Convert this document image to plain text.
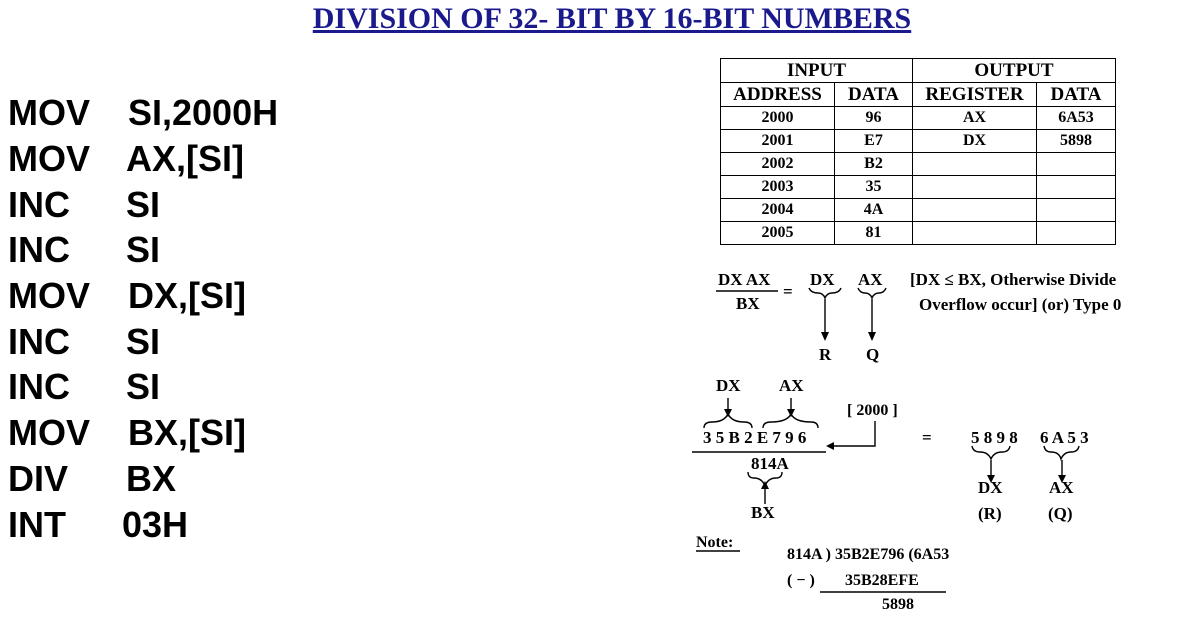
DIVISION OF 32- BIT BY 16-BIT NUMBERS
MOV SI,2000H
MOV AX,[SI]
INC SI
INC SI
MOV DX,[SI]
INC SI
INC SI
MOV BX,[SI]
DIV BX
INT 03H
INPUT		OUTPUT	
ADDRESS	DATA	REGISTER	DATA
2000	96	AX	6A53
2001	E7	DX	5898
2002	B2		
2003	35		
2004	4A		
2005	81		
DX AX
BX
=
DX AX
R Q
[DX ≤ BX, Otherwise Divide
Overflow occur] (or) Type 0
DX AX
3 5 B 2 E 7 9 6
[ 2000 ]
814A
BX
= 5 8 9 8 6 A 5 3
DX	AX
(R)	(Q)
Note:
814A ) 35B2E796 (6A53
( − ) 35B28EFE
5898
